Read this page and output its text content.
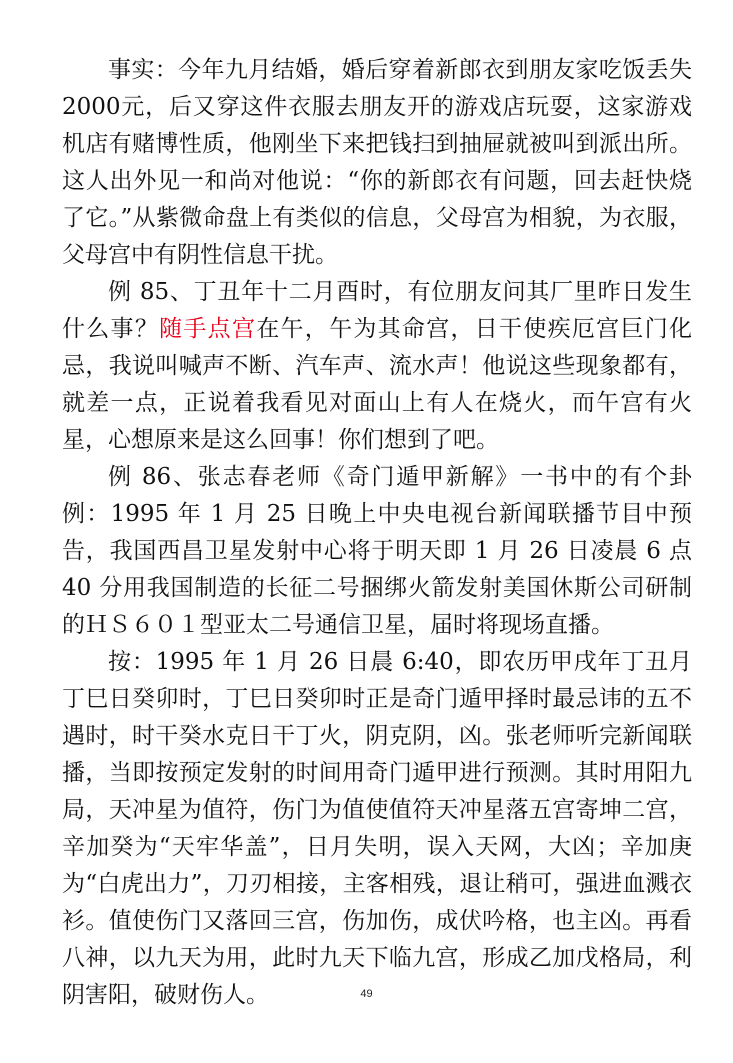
事实：今年九月结婚，婚后穿着新郎衣到朋友家吃饭丢失2000元，后又穿这件衣服去朋友开的游戏店玩耍，这家游戏机店有赌博性质，他刚坐下来把钱扫到抽屉就被叫到派出所。这人出外见一和尚对他说：“你的新郎衣有问题，回去赶快烧了它。”从紫微命盘上有类似的信息，父母宫为相貌，为衣服，父母宫中有阴性信息干扰。

例 85、丁丑年十二月酉时，有位朋友问其厂里昨日发生什么事？随手点宫在午，午为其命宫，日干使疾厄宫巨门化忌，我说叫喊声不断、汽车声、流水声！他说这些现象都有，就差一点，正说着我看见对面山上有人在烧火，而午宫有火星，心想原来是这么回事！你们想到了吧。

例 86、张志春老师《奇门遁甲新解》一书中的有个卦例：1995 年 1 月 25 日晚上中央电视台新闻联播节目中预告，我国西昌卫星发射中心将于明天即 1 月 26 日凌晨 6 点 40 分用我国制造的长征二号捆绑火箭发射美国休斯公司研制的ＨＳ６０１型亚太二号通信卫星，届时将现场直播。

按：1995 年 1 月 26 日晨 6:40，即农历甲戌年丁丑月丁巳日癸卯时，丁巳日癸卯时正是奇门遁甲择时最忌讳的五不遇时，时干癸水克日干丁火，阴克阴，凶。张老师听完新闻联播，当即按预定发射的时间用奇门遁甲进行预测。其时用阳九局，天冲星为值符，伤门为值使值符天冲星落五宫寄坤二宫，辛加癸为“天牢华盖”，日月失明，误入天网，大凶；辛加庚为“白虎出力”，刀刃相接，主客相残，退让稍可，强进血溅衣衫。值使伤门又落回三宫，伤加伤，成伏吟格，也主凶。再看八神，以九天为用，此时九天下临九宫，形成乙加戊格局，利阴害阳，破财伤人。	49
